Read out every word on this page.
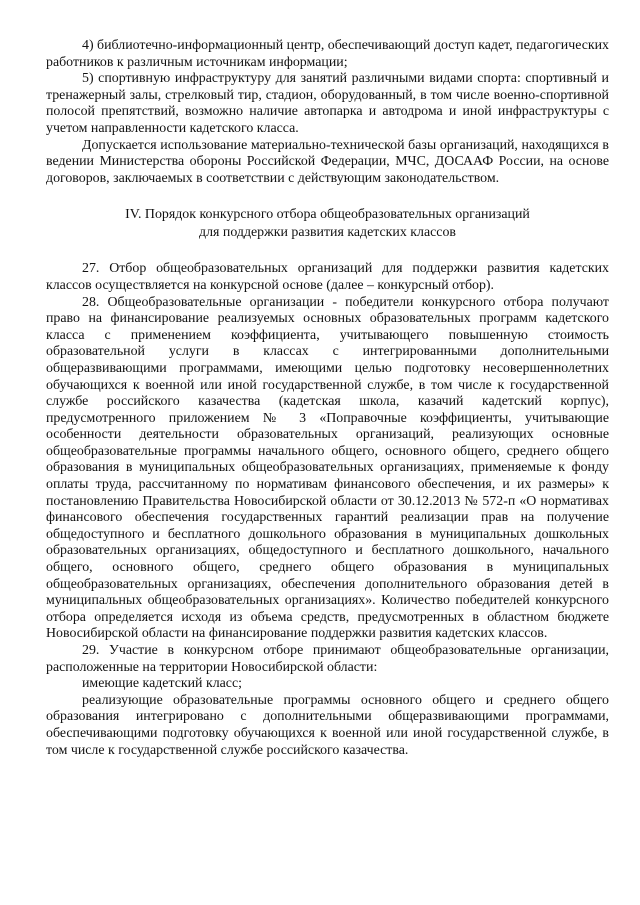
4) библиотечно-информационный центр, обеспечивающий доступ кадет, педагогических работников к различным источникам информации;

5) спортивную инфраструктуру для занятий различными видами спорта: спортивный и тренажерный залы, стрелковый тир, стадион, оборудованный, в том числе военно-спортивной полосой препятствий, возможно наличие автопарка и автодрома и иной инфраструктуры с учетом направленности кадетского класса.

Допускается использование материально-технической базы организаций, находящихся в ведении Министерства обороны Российской Федерации, МЧС, ДОСААФ России, на основе договоров, заключаемых в соответствии с действующим законодательством.

IV. Порядок конкурсного отбора общеобразовательных организаций
для поддержки развития кадетских классов

27. Отбор общеобразовательных организаций для поддержки развития кадетских классов осуществляется на конкурсной основе (далее – конкурсный отбор).

28. Общеобразовательные организации - победители конкурсного отбора получают право на финансирование реализуемых основных образовательных программ кадетского класса с применением коэффициента, учитывающего повышенную стоимость образовательной услуги в классах с интегрированными дополнительными общеразвивающими программами, имеющими целью подготовку несовершеннолетних обучающихся к военной или иной государственной службе, в том числе к государственной службе российского казачества (кадетская школа, казачий кадетский корпус), предусмотренного приложением № 3 «Поправочные коэффициенты, учитывающие особенности деятельности образовательных организаций, реализующих основные общеобразовательные программы начального общего, основного общего, среднего общего образования в муниципальных общеобразовательных организациях, применяемые к фонду оплаты труда, рассчитанному по нормативам финансового обеспечения, и их размеры» к постановлению Правительства Новосибирской области от 30.12.2013 № 572-п «О нормативах финансового обеспечения государственных гарантий реализации прав на получение общедоступного и бесплатного дошкольного образования в муниципальных дошкольных образовательных организациях, общедоступного и бесплатного дошкольного, начального общего, основного общего, среднего общего образования в муниципальных общеобразовательных организациях, обеспечения дополнительного образования детей в муниципальных общеобразовательных организациях». Количество победителей конкурсного отбора определяется исходя из объема средств, предусмотренных в областном бюджете Новосибирской области на финансирование поддержки развития кадетских классов.

29. Участие в конкурсном отборе принимают общеобразовательные организации, расположенные на территории Новосибирской области:

имеющие кадетский класс;

реализующие образовательные программы основного общего и среднего общего образования интегрировано с дополнительными общеразвивающими программами, обеспечивающими подготовку обучающихся к военной или иной государственной службе, в том числе к государственной службе российского казачества.
